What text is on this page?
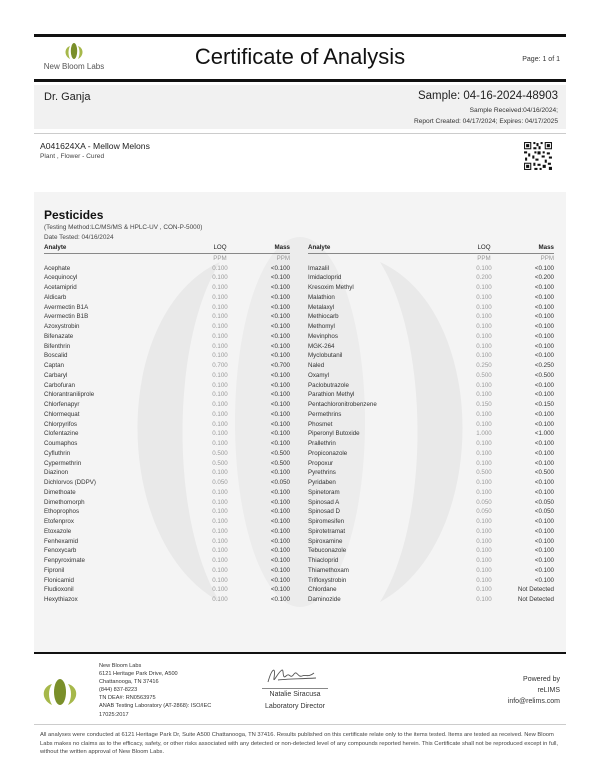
New Bloom Labs	Certificate of Analysis	Page: 1 of 1
Dr. Ganja	Sample: 04-16-2024-48903
Sample Received:04/16/2024;
Report Created: 04/17/2024; Expires: 04/17/2025
A041624XA - Mellow Melons
Plant , Flower - Cured
Pesticides
(Testing Method:LC/MS/MS & HPLC-UV , CON-P-5000)
Date Tested: 04/16/2024
Analyte	LOQ	Mass
	PPM	PPM
Acephate	0.100	<0.100
Acequinocyl	0.100	<0.100
Acetamiprid	0.100	<0.100
Aldicarb	0.100	<0.100
Avermectin B1A	0.100	<0.100
Avermectin B1B	0.100	<0.100
Azoxystrobin	0.100	<0.100
Bifenazate	0.100	<0.100
Bifenthrin	0.100	<0.100
Boscalid	0.100	<0.100
Captan	0.700	<0.700
Carbaryl	0.100	<0.100
Carbofuran	0.100	<0.100
Chlorantraniliprole	0.100	<0.100
Chlorfenapyr	0.100	<0.100
Chlormequat	0.100	<0.100
Chlorpyrifos	0.100	<0.100
Clofentazine	0.100	<0.100
Coumaphos	0.100	<0.100
Cyfluthrin	0.500	<0.500
Cypermethrin	0.500	<0.500
Diazinon	0.100	<0.100
Dichlorvos (DDPV)	0.050	<0.050
Dimethoate	0.100	<0.100
Dimethomorph	0.100	<0.100
Ethoprophos	0.100	<0.100
Etofenprox	0.100	<0.100
Etoxazole	0.100	<0.100
Fenhexamid	0.100	<0.100
Fenoxycarb	0.100	<0.100
Fenpyroximate	0.100	<0.100
Fipronil	0.100	<0.100
Flonicamid	0.100	<0.100
Fludioxonil	0.100	<0.100
Hexythiazox	0.100	<0.100
Analyte	LOQ	Mass
	PPM	PPM
Imazalil	0.100	<0.100
Imidacloprid	0.200	<0.200
Kresoxim Methyl	0.100	<0.100
Malathion	0.100	<0.100
Metalaxyl	0.100	<0.100
Methiocarb	0.100	<0.100
Methomyl	0.100	<0.100
Mevinphos	0.100	<0.100
MGK-264	0.100	<0.100
Myclobutanil	0.100	<0.100
Naled	0.250	<0.250
Oxamyl	0.500	<0.500
Paclobutrazole	0.100	<0.100
Parathion Methyl	0.100	<0.100
Pentachloronitrobenzene	0.150	<0.150
Permethrins	0.100	<0.100
Phosmet	0.100	<0.100
Piperonyl Butoxide	1.000	<1.000
Prallethrin	0.100	<0.100
Propiconazole	0.100	<0.100
Propoxur	0.100	<0.100
Pyrethrins	0.500	<0.500
Pyridaben	0.100	<0.100
Spinetoram	0.100	<0.100
Spinosad A	0.050	<0.050
Spinosad D	0.050	<0.050
Spiromesifen	0.100	<0.100
Spirotetramat	0.100	<0.100
Spiroxamine	0.100	<0.100
Tebuconazole	0.100	<0.100
Thiacloprid	0.100	<0.100
Thiamethoxam	0.100	<0.100
Trifloxystrobin	0.100	<0.100
Chlordane	0.100	Not Detected
Daminozide	0.100	Not Detected
New Bloom Labs
6121 Heritage Park Drive, A500
Chattanooga, TN 37416
(844) 837-8223
TN DEA#: RN0563975
ANAB Testing Laboratory (AT-2868): ISO/IEC
17025:2017
Natalie Siracusa
Laboratory Director
Powered by
reLIMS
info@relims.com
All analyses were conducted at 6121 Heritage Park Dr, Suite A500 Chattanooga, TN 37416. Results published on this certificate relate only to the items tested. Items are tested as received. New Bloom Labs makes no claims as to the efficacy, safety, or other risks associated with any detected or non-detected level of any compounds reported herein. This Certificate shall not be reproduced except in full, without the written approval of New Bloom Labs.
